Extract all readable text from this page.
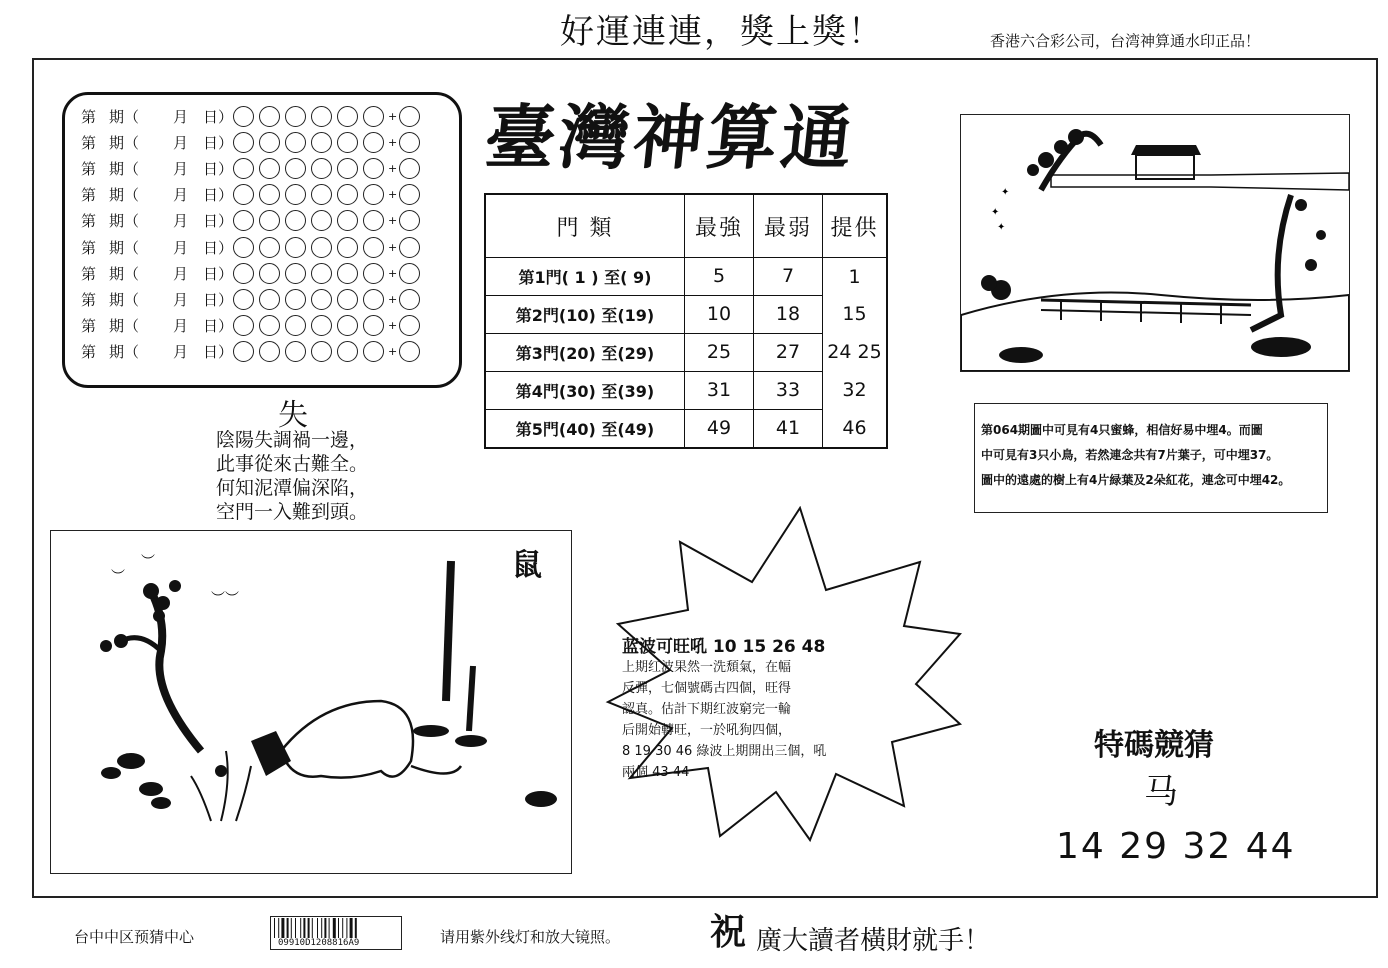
好運連連，獎上獎！	香港六合彩公司，台湾神算通水印正品！
第 期（	月 日）	+
第 期（	月 日）	+
第 期（	月 日）	+
第 期（	月 日）	+
第 期（	月 日）	+
第 期（	月 日）	+
第 期（	月 日）	+
第 期（	月 日）	+
第 期（	月 日）	+
第 期（	月 日）	+
臺灣神算通
門 類	最強	最弱	提供
第1門( 1 ) 至( 9)	5	7	1
第2門(10) 至(19)	10	18	15
第3門(20) 至(29)	25	27	24 25
第4門(30) 至(39)	31	33	32
第5門(40) 至(49)	49	41	46
✦
✦
✦
第064期圖中可見有4只蜜蜂，相信好易中埋4。而圖
中可見有3只小鳥，若然連念共有7片葉子，可中埋37。
圖中的遠處的樹上有4片緑葉及2朵紅花，連念可中埋42。
失
陰陽失調禍一邊，
此事從來古難全。
何知泥潭偏深陷，
空門一入難到頭。
︶
︶
︶︶
鼠
蓝波可旺吼 10 15 26 48
上期红波果然一洗頹氣，在幅
反彈，七個號碼古四個，旺得
認真。估計下期红波窮完一輪
后開始轉旺，一於吼狗四個，
8 19 30 46 綠波上期開出三個，吼
兩個 43 44
特碼競猜
马
14 29 32 44
台中中区预猜中心	09910D1208816A9	请用紫外线灯和放大镜照。 祝 廣大讀者橫財就手！
